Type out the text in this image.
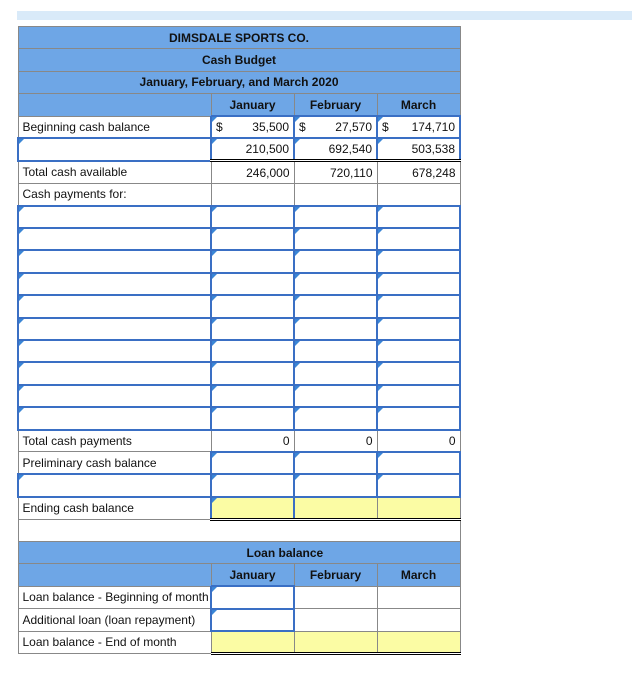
DIMSDALE SPORTS CO.			
Cash Budget			
January, February, and March 2020			
	January	February	March
Beginning cash balance	$ 35,500	$ 27,570	$ 174,710
	210,500	692,540	503,538
Total cash available	246,000	720,110	678,248
Cash payments for:			

Total cash payments	0	0	0
Preliminary cash balance			

Ending cash balance			

Loan balance			
	January	February	March
Loan balance - Beginning of month			
Additional loan (loan repayment)			
Loan balance - End of month			
